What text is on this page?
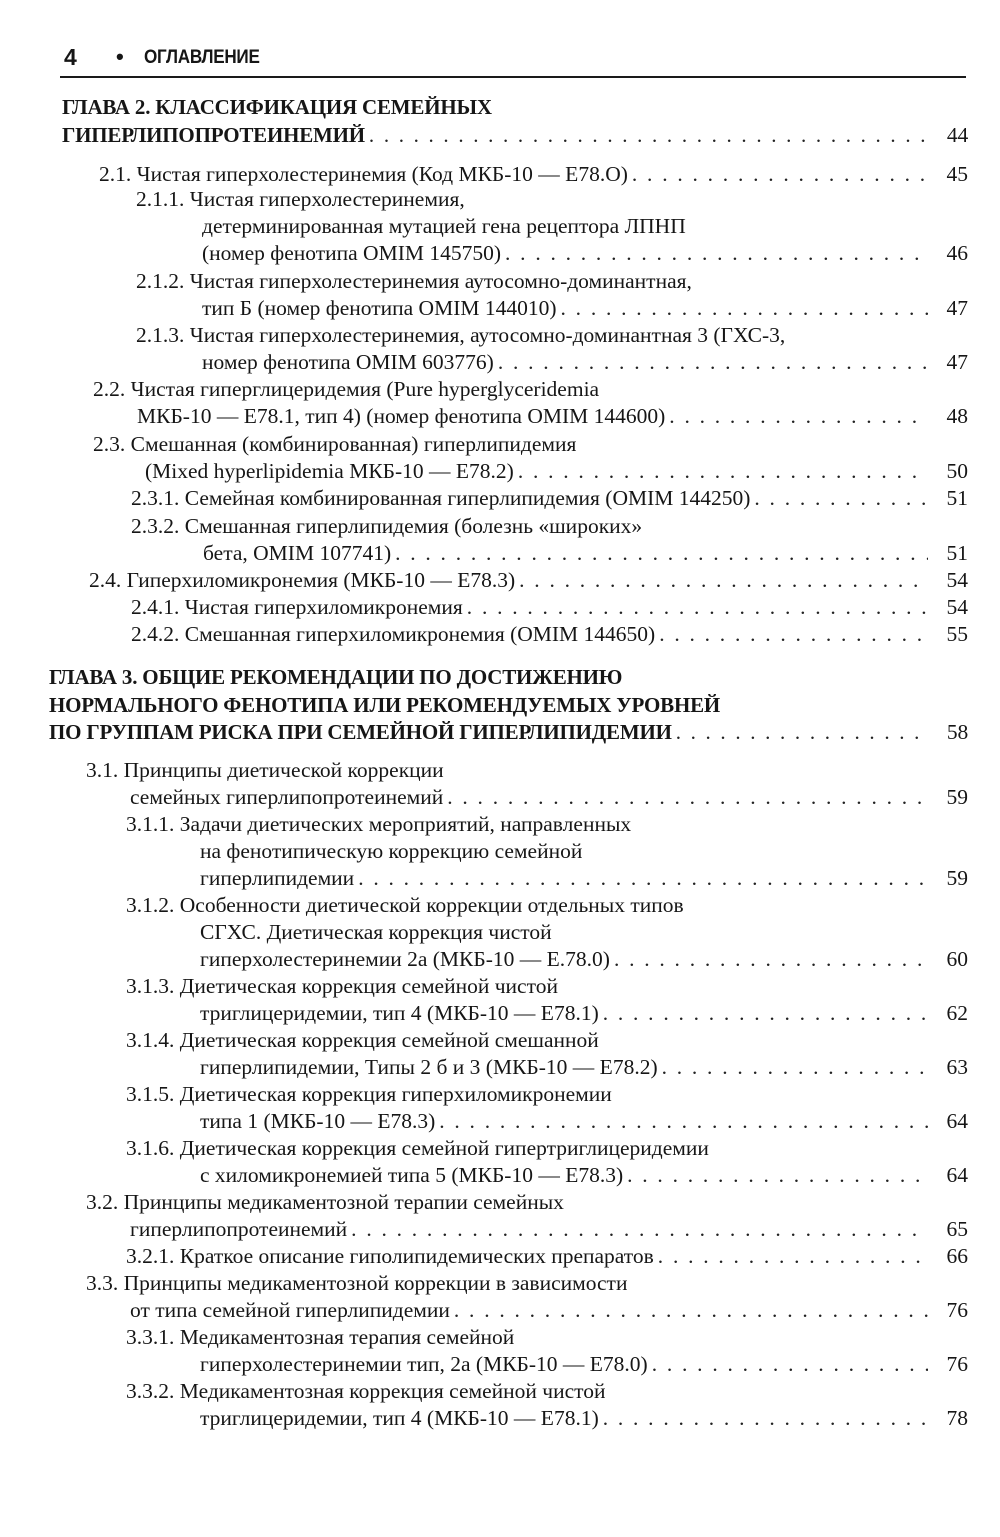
4 • ОГЛАВЛЕНИЕ
ГЛАВА 2. КЛАССИФИКАЦИЯ СЕМЕЙНЫХ
ГИПЕРЛИПОПРОТЕИНЕМИЙ . . .	44
2.1. Чистая гиперхолестеринемия (Код МКБ-10 — Е78.О) . . .	45
2.1.1. Чистая гиперхолестеринемия,
детерминированная мутацией гена рецептора ЛПНП
(номер фенотипа OMIM 145750) . . .	46
2.1.2. Чистая гиперхолестеринемия аутосомно-доминантная,
тип Б (номер фенотипа OMIM 144010) . . .	47
2.1.3. Чистая гиперхолестеринемия, аутосомно-доминантная 3 (ГХС-3,
номер фенотипа OMIM 603776) . . .	47
2.2. Чистая гиперглицеридемия (Pure hyperglyceridemia
МКБ-10 — Е78.1, тип 4) (номер фенотипа OMIM 144600) . . .	48
2.3. Смешанная (комбинированная) гиперлипидемия
(Mixed hyperlipidemia МКБ-10 — Е78.2) . . .	50
2.3.1. Семейная комбинированная гиперлипидемия (OMIM 144250) . . .	51
2.3.2. Смешанная гиперлипидемия (болезнь «широких»
бета, OMIM 107741) . . .	51
2.4. Гиперхиломикронемия (МКБ-10 — Е78.3) . . .	54
2.4.1. Чистая гиперхиломикронемия . . .	54
2.4.2. Смешанная гиперхиломикронемия (OMIM 144650) . . .	55
ГЛАВА 3. ОБЩИЕ РЕКОМЕНДАЦИИ ПО ДОСТИЖЕНИЮ
НОРМАЛЬНОГО ФЕНОТИПА ИЛИ РЕКОМЕНДУЕМЫХ УРОВНЕЙ
ПО ГРУППАМ РИСКА ПРИ СЕМЕЙНОЙ ГИПЕРЛИПИДЕМИИ . . .	58
3.1. Принципы диетической коррекции
семейных гиперлипопротеинемий . . .	59
3.1.1. Задачи диетических мероприятий, направленных
на фенотипическую коррекцию семейной
гиперлипидемии . . .	59
3.1.2. Особенности диетической коррекции отдельных типов
СГХС. Диетическая коррекция чистой
гиперхолестеринемии 2а (МКБ-10 — Е.78.0) . . .	60
3.1.3. Диетическая коррекция семейной чистой
триглицеридемии, тип 4 (МКБ-10 — Е78.1) . . .	62
3.1.4. Диетическая коррекция семейной смешанной
гиперлипидемии, Типы 2 б и 3 (МКБ-10 — Е78.2) . . .	63
3.1.5. Диетическая коррекция гиперхиломикронемии
типа 1 (МКБ-10 — Е78.3) . . .	64
3.1.6. Диетическая коррекция семейной гипертриглицеридемии
с хиломикронемией типа 5 (МКБ-10 — Е78.3) . . .	64
3.2. Принципы медикаментозной терапии семейных
гиперлипопротеинемий . . .	65
3.2.1. Краткое описание гиполипидемических препаратов . . .	66
3.3. Принципы медикаментозной коррекции в зависимости
от типа семейной гиперлипидемии . . .	76
3.3.1. Медикаментозная терапия семейной
гиперхолестеринемии тип, 2а (МКБ-10 — Е78.0) . . .	76
3.3.2. Медикаментозная коррекция семейной чистой
триглицеридемии, тип 4 (МКБ-10 — Е78.1) . . .	78
